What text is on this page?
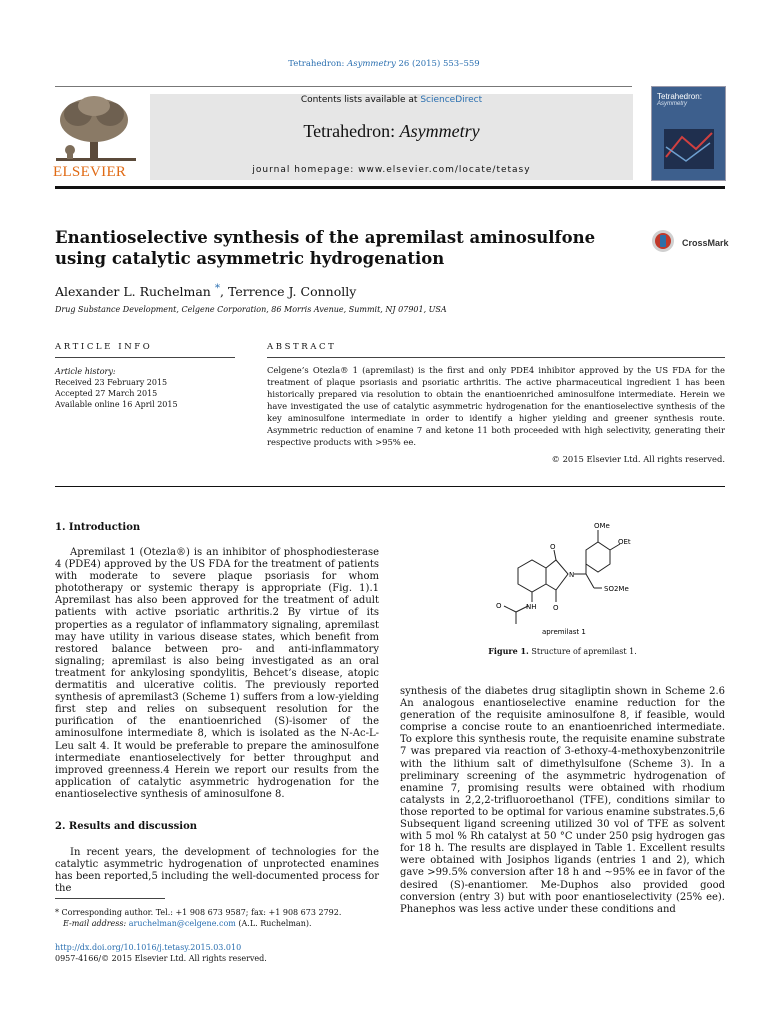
Tetrahedron: Asymmetry 26 (2015) 553–559
ELSEVIER
Contents lists available at ScienceDirect
Tetrahedron: Asymmetry
journal homepage: www.elsevier.com/locate/tetasy
Tetrahedron:
Asymmetry
Enantioselective synthesis of the apremilast aminosulfone using catalytic asymmetric hydrogenation
CrossMark
Alexander L. Ruchelman *, Terrence J. Connolly
Drug Substance Development, Celgene Corporation, 86 Morris Avenue, Summit, NJ 07901, USA
ARTICLE INFO	ABSTRACT
Article history:
Received 23 February 2015
Accepted 27 March 2015
Available online 16 April 2015
Celgene’s Otezla® 1 (apremilast) is the first and only PDE4 inhibitor approved by the US FDA for the treatment of plaque psoriasis and psoriatic arthritis. The active pharmaceutical ingredient 1 has been historically prepared via resolution to obtain the enantioenriched aminosulfone intermediate. Herein we have investigated the use of catalytic asymmetric hydrogenation for the enantioselective synthesis of the key aminosulfone intermediate in order to identify a higher yielding and greener synthesis route. Asymmetric reduction of enamine 7 and ketone 11 both proceeded with high selectivity, generating their respective products with >95% ee.
© 2015 Elsevier Ltd. All rights reserved.
1. Introduction

Apremilast 1 (Otezla®) is an inhibitor of phosphodiesterase 4 (PDE4) approved by the US FDA for the treatment of patients with moderate to severe plaque psoriasis for whom phototherapy or systemic therapy is appropriate (Fig. 1).1 Apremilast has also been approved for the treatment of adult patients with active psoriatic arthritis.2 By virtue of its properties as a regulator of inflammatory signaling, apremilast may have utility in various disease states, which benefit from restored balance between pro- and anti-inflammatory signaling; apremilast is also being investigated as an oral treatment for ankylosing spondylitis, Behcet’s disease, atopic dermatitis and ulcerative colitis. The previously reported synthesis of apremilast3 (Scheme 1) suffers from a low-yielding first step and relies on subsequent resolution for the purification of the enantioenriched (S)-isomer of the aminosulfone intermediate 8, which is isolated as the N-Ac-L-Leu salt 4. It would be preferable to prepare the aminosulfone intermediate enantioselectively for better throughput and improved greenness.4 Herein we report our results from the application of catalytic asymmetric hydrogenation for the enantioselective synthesis of aminosulfone 8.

2. Results and discussion

In recent years, the development of technologies for the catalytic asymmetric hydrogenation of unprotected enamines has been reported,5 including the well-documented process for the

OMe
OEt
SO2Me
N
NH
O
O
O
apremilast 1
Figure 1. Structure of apremilast 1.

synthesis of the diabetes drug sitagliptin shown in Scheme 2.6 An analogous enantioselective enamine reduction for the generation of the requisite aminosulfone 8, if feasible, would comprise a concise route to an enantioenriched intermediate. To explore this synthesis route, the requisite enamine substrate 7 was prepared via reaction of 3-ethoxy-4-methoxybenzonitrile with the lithium salt of dimethylsulfone (Scheme 3). In a preliminary screening of the asymmetric hydrogenation of enamine 7, promising results were obtained with rhodium catalysts in 2,2,2-trifluoroethanol (TFE), conditions similar to those reported to be optimal for various enamine substrates.5,6 Subsequent ligand screening utilized 30 vol of TFE as solvent with 5 mol % Rh catalyst at 50 °C under 250 psig hydrogen gas for 18 h. The results are displayed in Table 1. Excellent results were obtained with Josiphos ligands (entries 1 and 2), which gave >99.5% conversion after 18 h and ~95% ee in favor of the desired (S)-enantiomer. Me-Duphos also provided good conversion (entry 3) but with poor enantioselectivity (25% ee). Phanephos was less active under these conditions and

* Corresponding author. Tel.: +1 908 673 9587; fax: +1 908 673 2792.
E-mail address: aruchelman@celgene.com (A.L. Ruchelman).
http://dx.doi.org/10.1016/j.tetasy.2015.03.010
0957-4166/© 2015 Elsevier Ltd. All rights reserved.
